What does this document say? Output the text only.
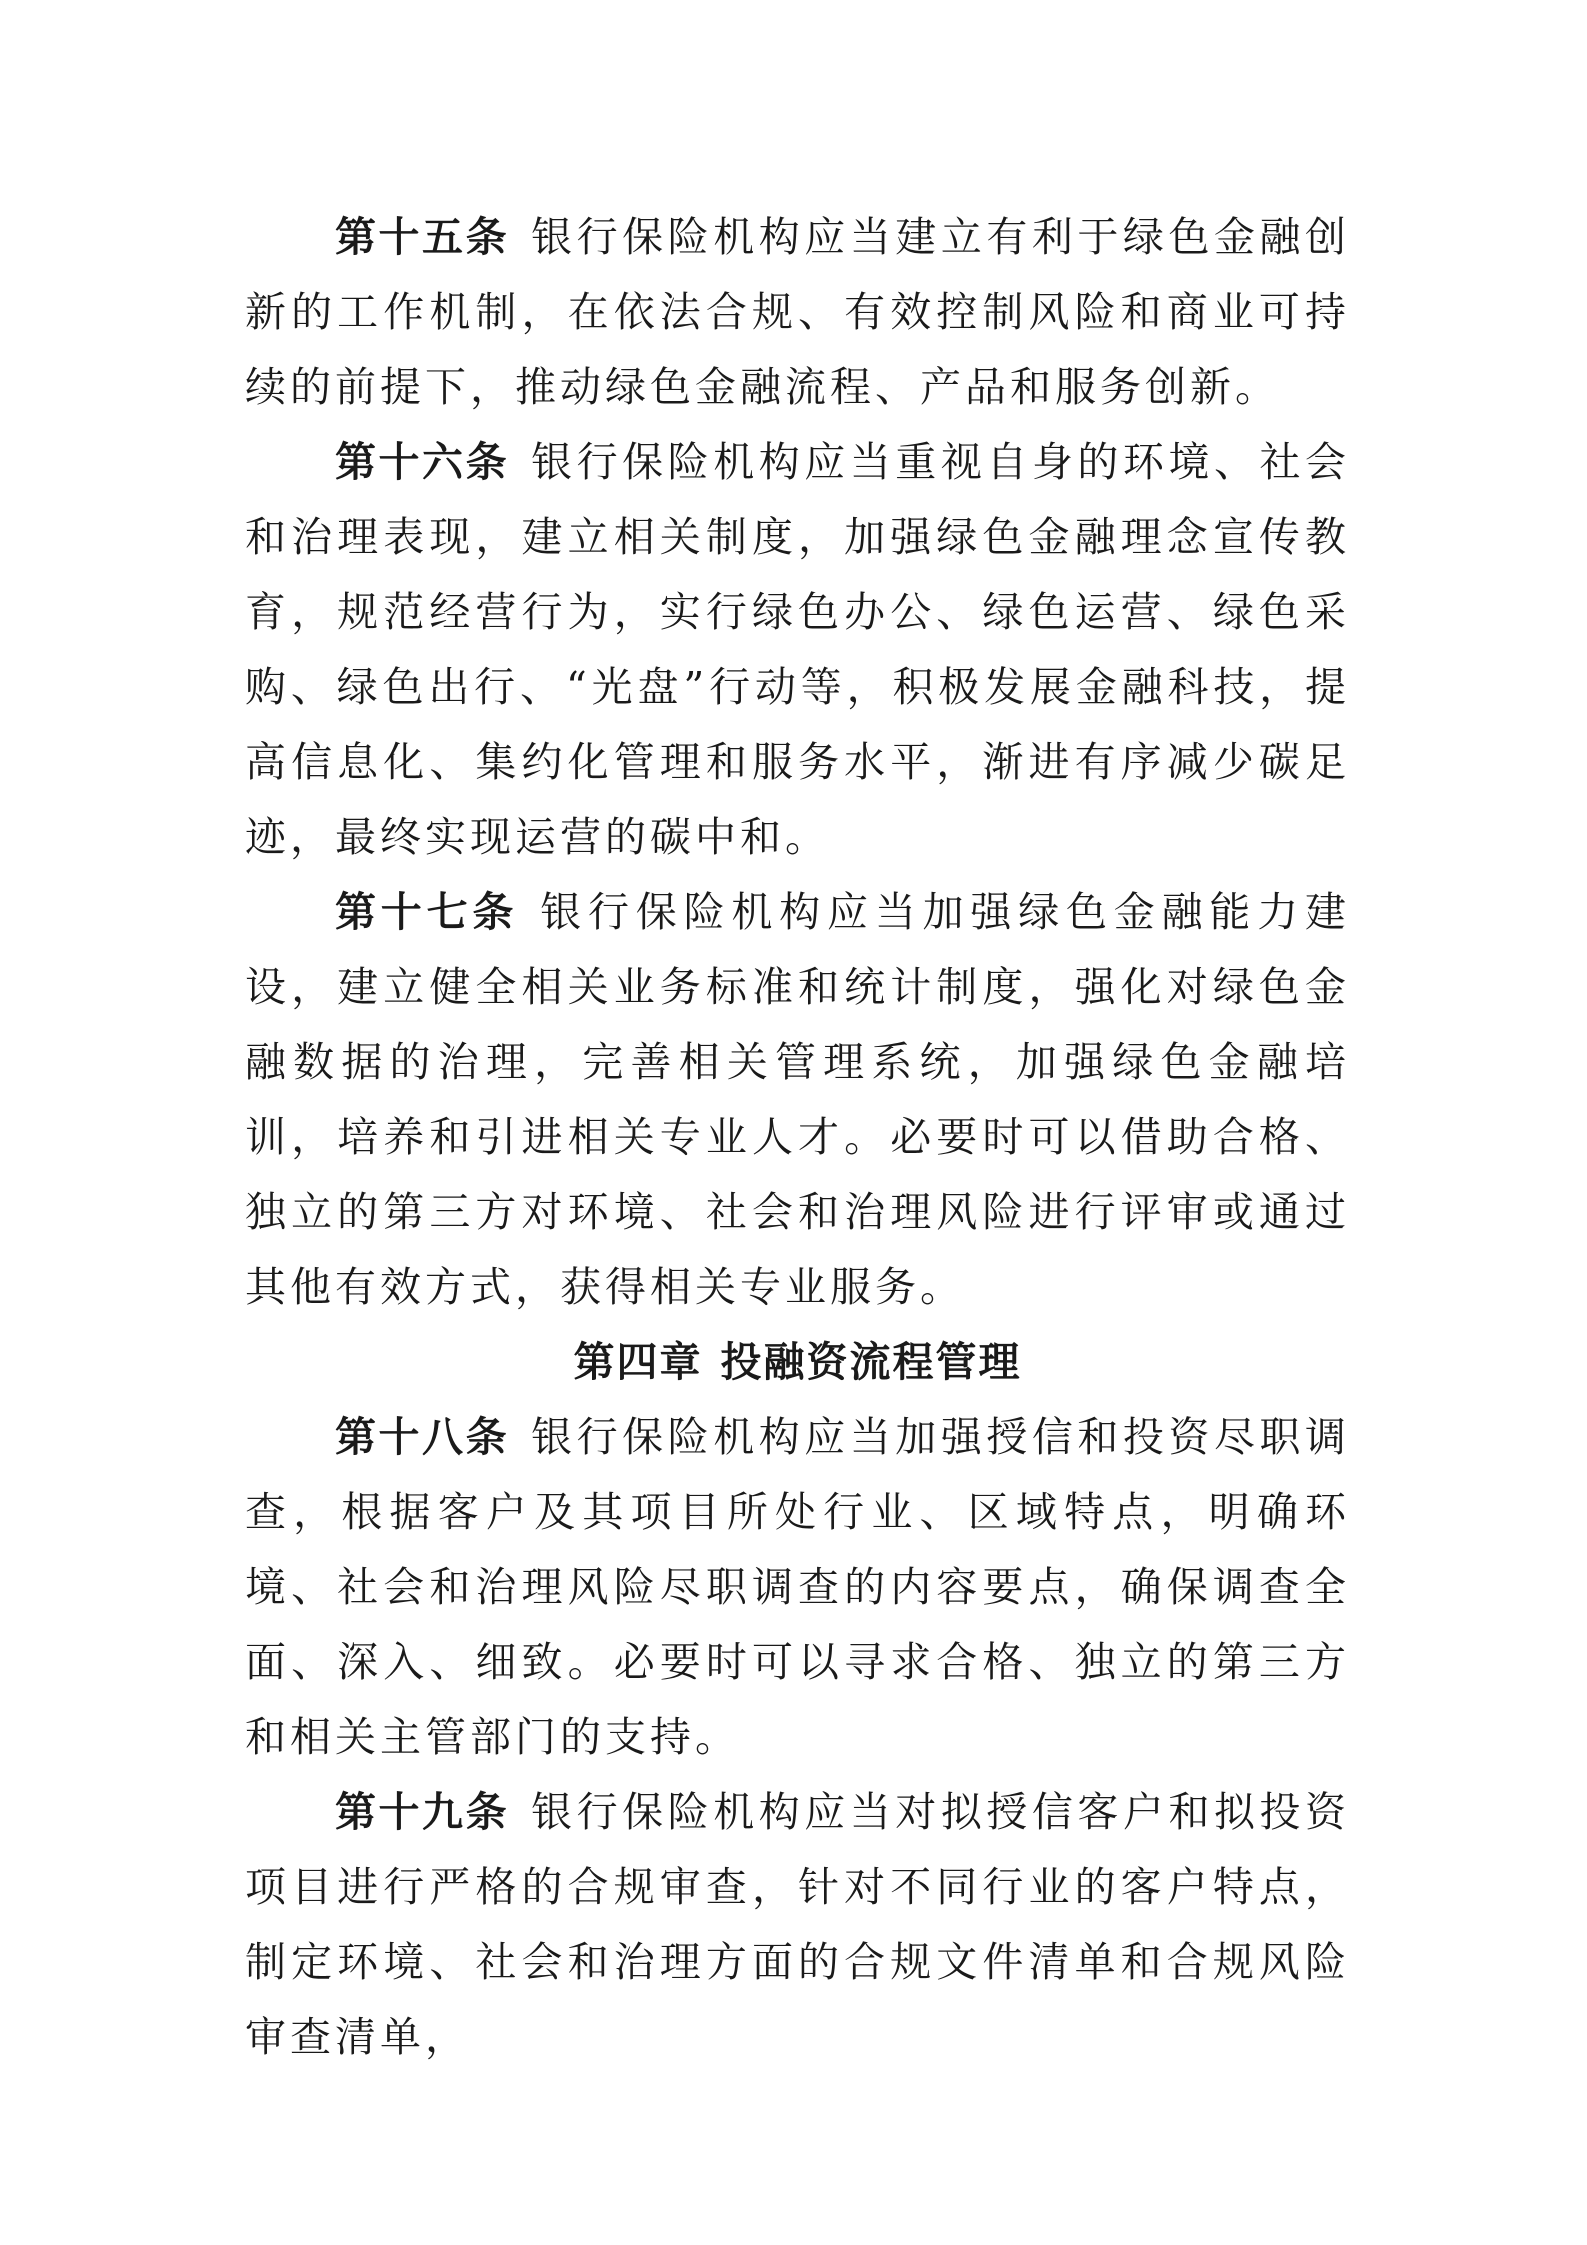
第十五条 银行保险机构应当建立有利于绿色金融创新的工作机制，在依法合规、有效控制风险和商业可持续的前提下，推动绿色金融流程、产品和服务创新。

第十六条 银行保险机构应当重视自身的环境、社会和治理表现，建立相关制度，加强绿色金融理念宣传教育，规范经营行为，实行绿色办公、绿色运营、绿色采购、绿色出行、“光盘”行动等，积极发展金融科技，提高信息化、集约化管理和服务水平，渐进有序减少碳足迹，最终实现运营的碳中和。

第十七条 银行保险机构应当加强绿色金融能力建设，建立健全相关业务标准和统计制度，强化对绿色金融数据的治理，完善相关管理系统，加强绿色金融培训，培养和引进相关专业人才。必要时可以借助合格、独立的第三方对环境、社会和治理风险进行评审或通过其他有效方式，获得相关专业服务。

第四章 投融资流程管理

第十八条 银行保险机构应当加强授信和投资尽职调查，根据客户及其项目所处行业、区域特点，明确环境、社会和治理风险尽职调查的内容要点，确保调查全面、深入、细致。必要时可以寻求合格、独立的第三方和相关主管部门的支持。

第十九条 银行保险机构应当对拟授信客户和拟投资项目进行严格的合规审查，针对不同行业的客户特点，制定环境、社会和治理方面的合规文件清单和合规风险审查清单，
